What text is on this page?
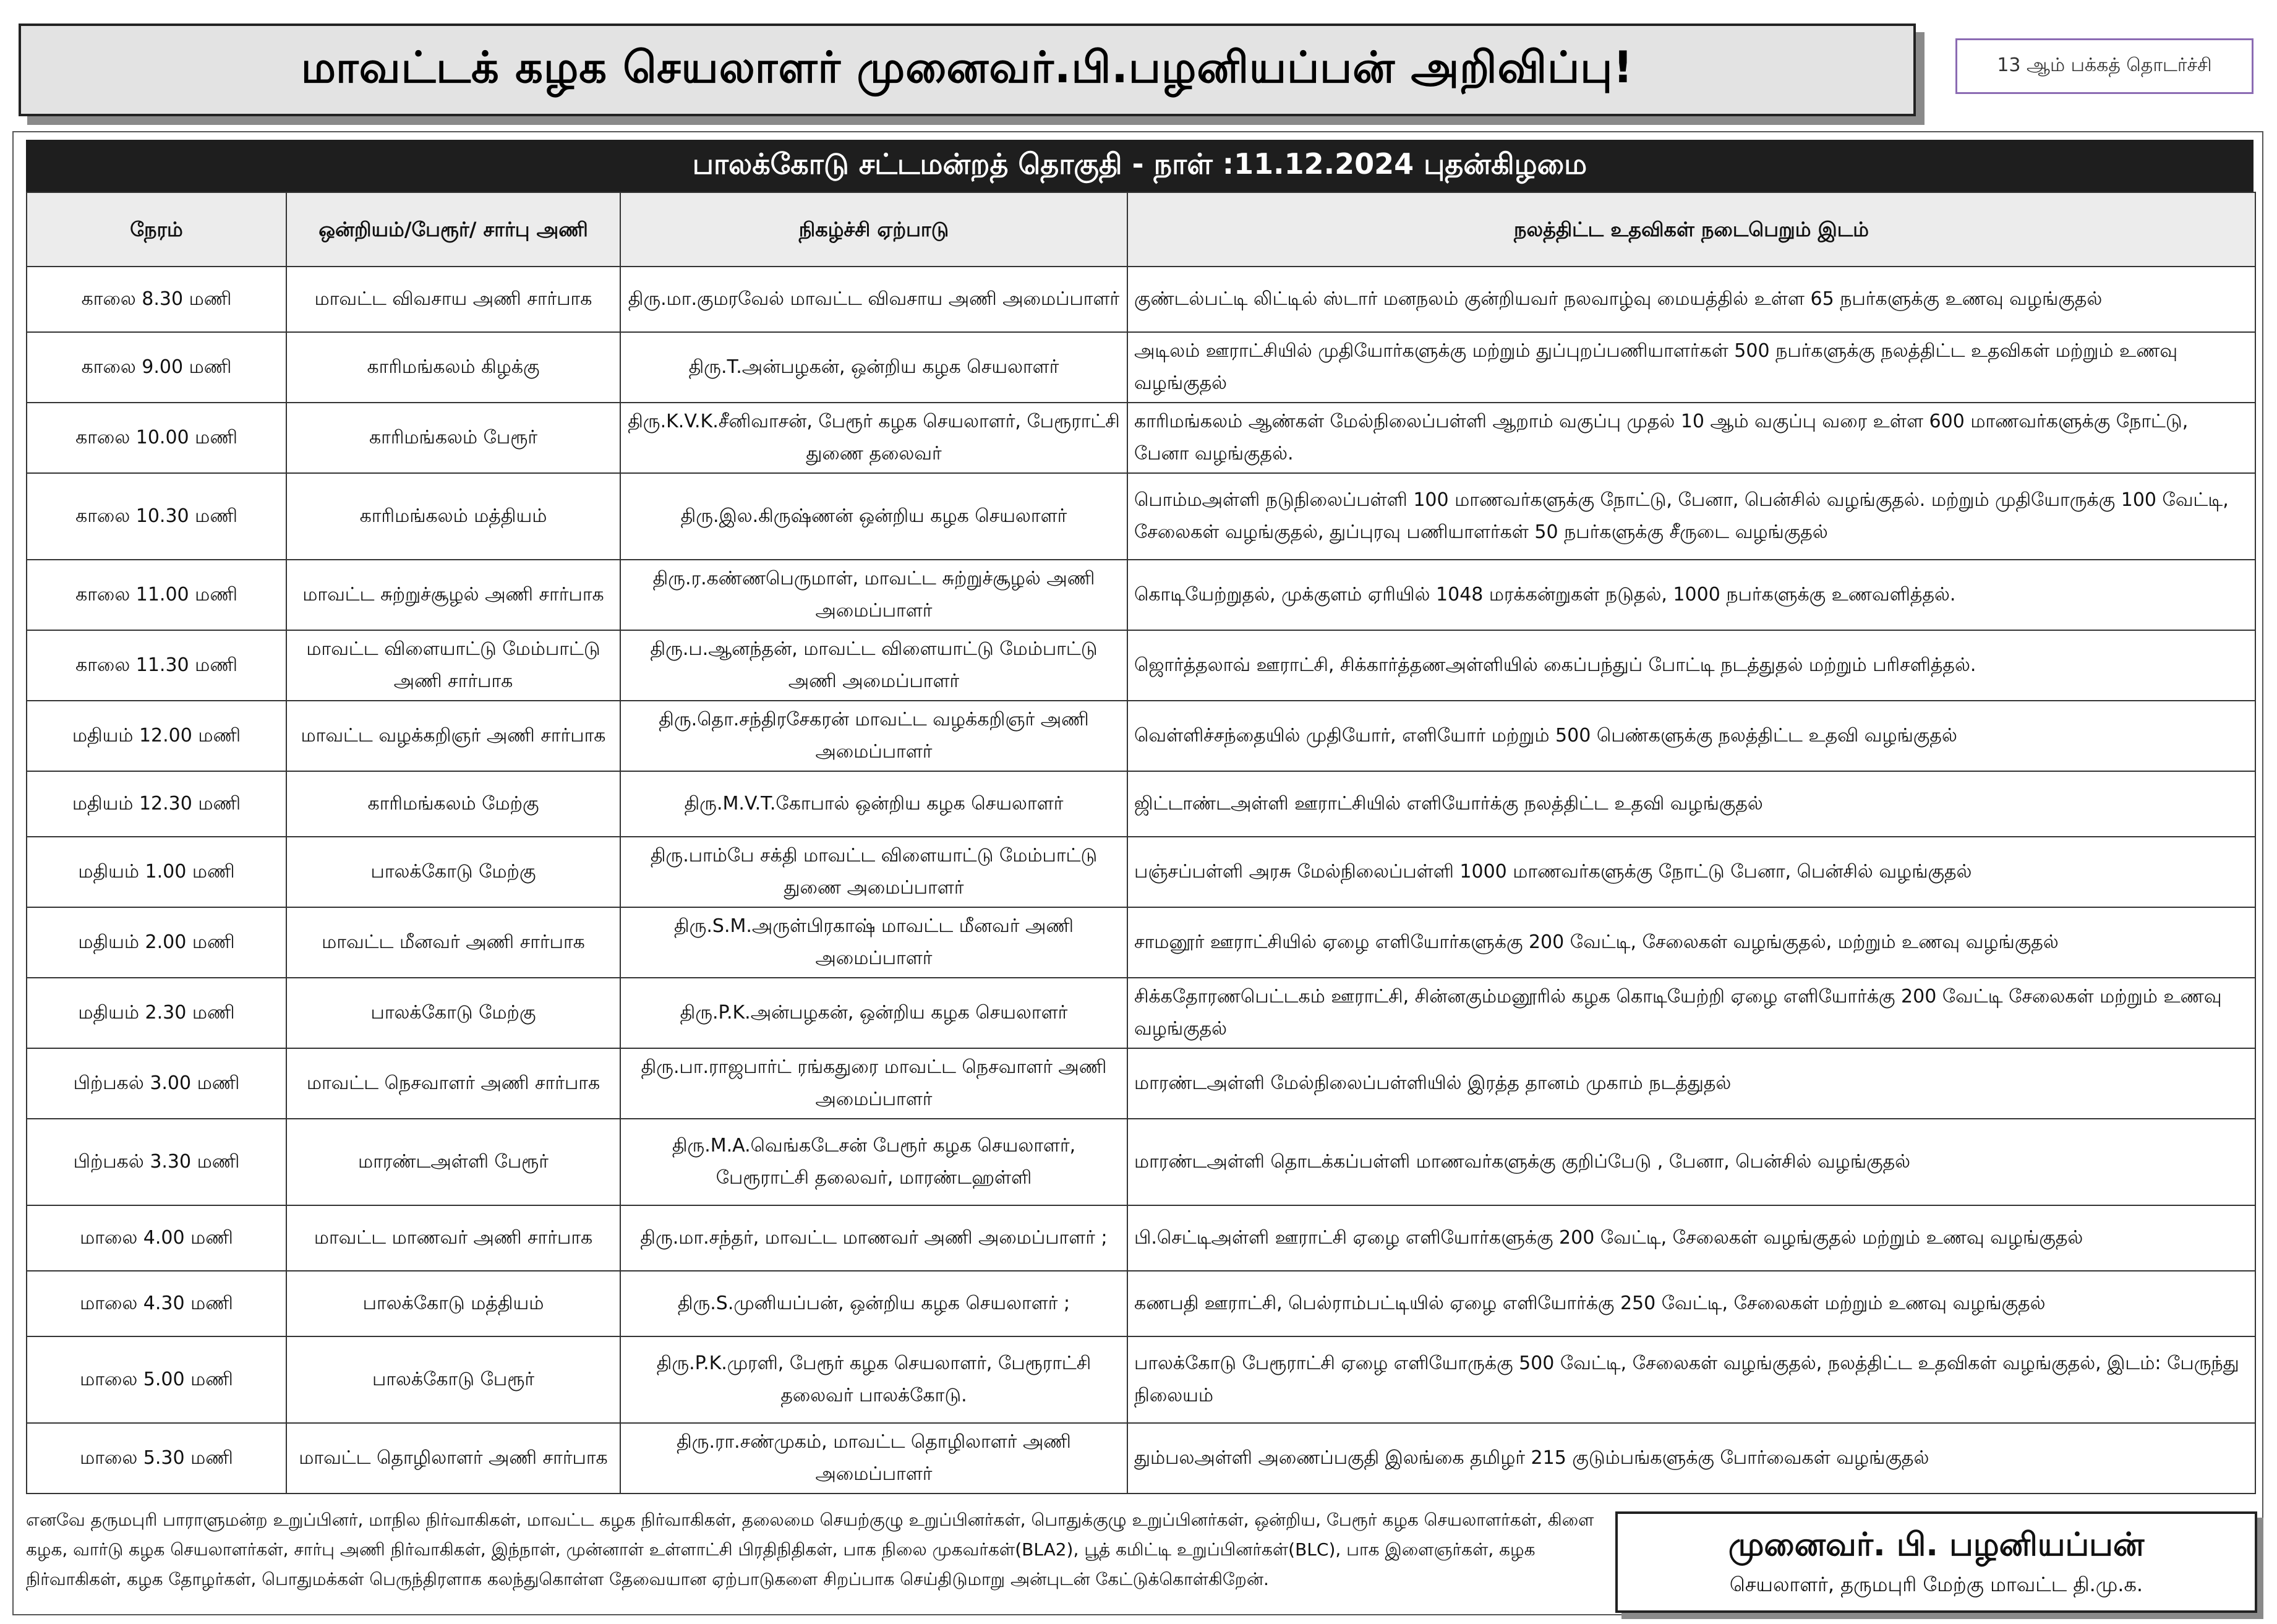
மாவட்டக் கழக செயலாளர் முனைவர்.பி.பழனியப்பன் அறிவிப்பு!	13 ஆம் பக்கத் தொடர்ச்சி
பாலக்கோடு சட்டமன்றத் தொகுதி - நாள் :11.12.2024 புதன்கிழமை
நேரம்	ஒன்றியம்/பேரூர்/ சார்பு அணி	நிகழ்ச்சி ஏற்பாடு	நலத்திட்ட உதவிகள் நடைபெறும் இடம்
காலை 8.30 மணி	மாவட்ட விவசாய அணி சார்பாக	திரு.மா.குமரவேல் மாவட்ட விவசாய அணி அமைப்பாளர்	குண்டல்பட்டி லிட்டில் ஸ்டார் மனநலம் குன்றியவர் நலவாழ்வு மையத்தில் உள்ள 65 நபர்களுக்கு உணவு வழங்குதல்
காலை 9.00 மணி	காரிமங்கலம் கிழக்கு	திரு.T.அன்பழகன், ஒன்றிய கழக செயலாளர்	அடிலம் ஊராட்சியில் முதியோர்களுக்கு மற்றும் துப்புறப்பணியாளர்கள் 500 நபர்களுக்கு நலத்திட்ட உதவிகள் மற்றும் உணவு வழங்குதல்
காலை 10.00 மணி	காரிமங்கலம் பேரூர்	திரு.K.V.K.சீனிவாசன், பேரூர் கழக செயலாளர், பேரூராட்சி துணை தலைவர்	காரிமங்கலம் ஆண்கள் மேல்நிலைப்பள்ளி ஆறாம் வகுப்பு முதல் 10 ஆம் வகுப்பு வரை உள்ள 600 மாணவர்களுக்கு நோட்டு, பேனா வழங்குதல்.
காலை 10.30 மணி	காரிமங்கலம் மத்தியம்	திரு.இல.கிருஷ்ணன் ஒன்றிய கழக செயலாளர்	பொம்மஅள்ளி நடுநிலைப்பள்ளி 100 மாணவர்களுக்கு நோட்டு, பேனா, பென்சில் வழங்குதல். மற்றும் முதியோருக்கு 100 வேட்டி, சேலைகள் வழங்குதல், துப்புரவு பணியாளர்கள் 50 நபர்களுக்கு சீருடை வழங்குதல்
காலை 11.00 மணி	மாவட்ட சுற்றுச்சூழல் அணி சார்பாக	திரு.ர.கண்ணபெருமாள், மாவட்ட சுற்றுச்சூழல் அணி அமைப்பாளர்	கொடியேற்றுதல், முக்குளம் ஏரியில் 1048 மரக்கன்றுகள் நடுதல், 1000 நபர்களுக்கு உணவளித்தல்.
காலை 11.30 மணி	மாவட்ட விளையாட்டு மேம்பாட்டு அணி சார்பாக	திரு.ப.ஆனந்தன், மாவட்ட விளையாட்டு மேம்பாட்டு அணி அமைப்பாளர்	ஜொர்த்தலாவ் ஊராட்சி, சிக்கார்த்தணஅள்ளியில் கைப்பந்துப் போட்டி நடத்துதல் மற்றும் பரிசளித்தல்.
மதியம் 12.00 மணி	மாவட்ட வழக்கறிஞர் அணி சார்பாக	திரு.தொ.சந்திரசேகரன் மாவட்ட வழக்கறிஞர் அணி அமைப்பாளர்	வெள்ளிச்சந்தையில் முதியோர், எளியோர் மற்றும் 500 பெண்களுக்கு நலத்திட்ட உதவி வழங்குதல்
மதியம் 12.30 மணி	காரிமங்கலம் மேற்கு	திரு.M.V.T.கோபால் ஒன்றிய கழக செயலாளர்	ஜிட்டாண்டஅள்ளி ஊராட்சியில் எளியோர்க்கு நலத்திட்ட உதவி வழங்குதல்
மதியம் 1.00 மணி	பாலக்கோடு மேற்கு	திரு.பாம்பே சக்தி மாவட்ட விளையாட்டு மேம்பாட்டு துணை அமைப்பாளர்	பஞ்சப்பள்ளி அரசு மேல்நிலைப்பள்ளி 1000 மாணவர்களுக்கு நோட்டு பேனா, பென்சில் வழங்குதல்
மதியம் 2.00 மணி	மாவட்ட மீனவர் அணி சார்பாக	திரு.S.M.அருள்பிரகாஷ் மாவட்ட மீனவர் அணி அமைப்பாளர்	சாமனூர் ஊராட்சியில் ஏழை எளியோர்களுக்கு 200 வேட்டி, சேலைகள் வழங்குதல், மற்றும் உணவு வழங்குதல்
மதியம் 2.30 மணி	பாலக்கோடு மேற்கு	திரு.P.K.அன்பழகன், ஒன்றிய கழக செயலாளர்	சிக்கதோரணபெட்டகம் ஊராட்சி, சின்னகும்மனூரில் கழக கொடியேற்றி ஏழை எளியோர்க்கு 200 வேட்டி சேலைகள் மற்றும் உணவு வழங்குதல்
பிற்பகல் 3.00 மணி	மாவட்ட நெசவாளர் அணி சார்பாக	திரு.பா.ராஜபார்ட் ரங்கதுரை மாவட்ட நெசவாளர் அணி அமைப்பாளர்	மாரண்டஅள்ளி மேல்நிலைப்பள்ளியில் இரத்த தானம் முகாம் நடத்துதல்
பிற்பகல் 3.30 மணி	மாரண்டஅள்ளி பேரூர்	திரு.M.A.வெங்கடேசன் பேரூர் கழக செயலாளர், பேரூராட்சி தலைவர், மாரண்டஹள்ளி	மாரண்டஅள்ளி தொடக்கப்பள்ளி மாணவர்களுக்கு குறிப்பேடு , பேனா, பென்சில் வழங்குதல்
மாலை 4.00 மணி	மாவட்ட மாணவர் அணி சார்பாக	திரு.மா.சந்தர், மாவட்ட மாணவர் அணி அமைப்பாளர் ;	பி.செட்டிஅள்ளி ஊராட்சி ஏழை எளியோர்களுக்கு 200 வேட்டி, சேலைகள் வழங்குதல் மற்றும் உணவு வழங்குதல்
மாலை 4.30 மணி	பாலக்கோடு மத்தியம்	திரு.S.முனியப்பன், ஒன்றிய கழக செயலாளர் ;	கணபதி ஊராட்சி, பெல்ராம்பட்டியில் ஏழை எளியோர்க்கு 250 வேட்டி, சேலைகள் மற்றும் உணவு வழங்குதல்
மாலை 5.00 மணி	பாலக்கோடு பேரூர்	திரு.P.K.முரளி, பேரூர் கழக செயலாளர், பேரூராட்சி தலைவர் பாலக்கோடு.	பாலக்கோடு பேரூராட்சி ஏழை எளியோருக்கு 500 வேட்டி, சேலைகள் வழங்குதல், நலத்திட்ட உதவிகள் வழங்குதல், இடம்: பேருந்து நிலையம்
மாலை 5.30 மணி	மாவட்ட தொழிலாளர் அணி சார்பாக	திரு.ரா.சண்முகம், மாவட்ட தொழிலாளர் அணி அமைப்பாளர்	தும்பலஅள்ளி அணைப்பகுதி இலங்கை தமிழர் 215 குடும்பங்களுக்கு போர்வைகள் வழங்குதல்
எனவே தருமபுரி பாராளுமன்ற உறுப்பினர், மாநில நிர்வாகிகள், மாவட்ட கழக நிர்வாகிகள், தலைமை செயற்குழு உறுப்பினர்கள், பொதுக்குழு உறுப்பினர்கள், ஒன்றிய, பேரூர் கழக செயலாளர்கள், கிளை கழக, வார்டு கழக செயலாளர்கள், சார்பு அணி நிர்வாகிகள், இந்நாள், முன்னாள் உள்ளாட்சி பிரதிநிதிகள், பாக நிலை முகவர்கள்(BLA2), பூத் கமிட்டி உறுப்பினர்கள்(BLC), பாக இளைஞர்கள், கழக நிர்வாகிகள், கழக தோழர்கள், பொதுமக்கள் பெருந்திரளாக கலந்துகொள்ள தேவையான ஏற்பாடுகளை சிறப்பாக செய்திடுமாறு அன்புடன் கேட்டுக்கொள்கிறேன்.
முனைவர். பி. பழனியப்பன்
செயலாளர், தருமபுரி மேற்கு மாவட்ட தி.மு.க.
